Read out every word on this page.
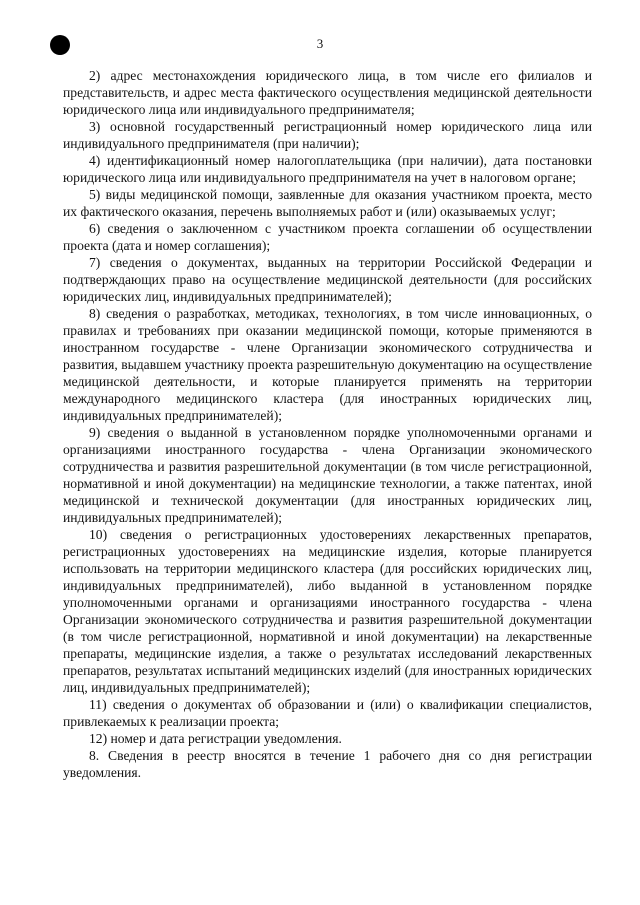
3

2) адрес местонахождения юридического лица, в том числе его филиалов и представительств, и адрес места фактического осуществления медицинской деятельности юридического лица или индивидуального предпринимателя;

3) основной государственный регистрационный номер юридического лица или индивидуального предпринимателя (при наличии);

4) идентификационный номер налогоплательщика (при наличии), дата постановки юридического лица или индивидуального предпринимателя на учет в налоговом органе;

5) виды медицинской помощи, заявленные для оказания участником проекта, место их фактического оказания, перечень выполняемых работ и (или) оказываемых услуг;

6) сведения о заключенном с участником проекта соглашении об осуществлении проекта (дата и номер соглашения);

7) сведения о документах, выданных на территории Российской Федерации и подтверждающих право на осуществление медицинской деятельности (для российских юридических лиц, индивидуальных предпринимателей);

8) сведения о разработках, методиках, технологиях, в том числе инновационных, о правилах и требованиях при оказании медицинской помощи, которые применяются в иностранном государстве - члене Организации экономического сотрудничества и развития, выдавшем участнику проекта разрешительную документацию на осуществление медицинской деятельности, и которые планируется применять на территории международного медицинского кластера (для иностранных юридических лиц, индивидуальных предпринимателей);

9) сведения о выданной в установленном порядке уполномоченными органами и организациями иностранного государства - члена Организации экономического сотрудничества и развития разрешительной документации (в том числе регистрационной, нормативной и иной документации) на медицинские технологии, а также патентах, иной медицинской и технической документации (для иностранных юридических лиц, индивидуальных предпринимателей);

10) сведения о регистрационных удостоверениях лекарственных препаратов, регистрационных удостоверениях на медицинские изделия, которые планируется использовать на территории медицинского кластера (для российских юридических лиц, индивидуальных предпринимателей), либо выданной в установленном порядке уполномоченными органами и организациями иностранного государства - члена Организации экономического сотрудничества и развития разрешительной документации (в том числе регистрационной, нормативной и иной документации) на лекарственные препараты, медицинские изделия, а также о результатах исследований лекарственных препаратов, результатах испытаний медицинских изделий (для иностранных юридических лиц, индивидуальных предпринимателей);

11) сведения о документах об образовании и (или) о квалификации специалистов, привлекаемых к реализации проекта;

12) номер и дата регистрации уведомления.

8. Сведения в реестр вносятся в течение 1 рабочего дня со дня регистрации уведомления.
